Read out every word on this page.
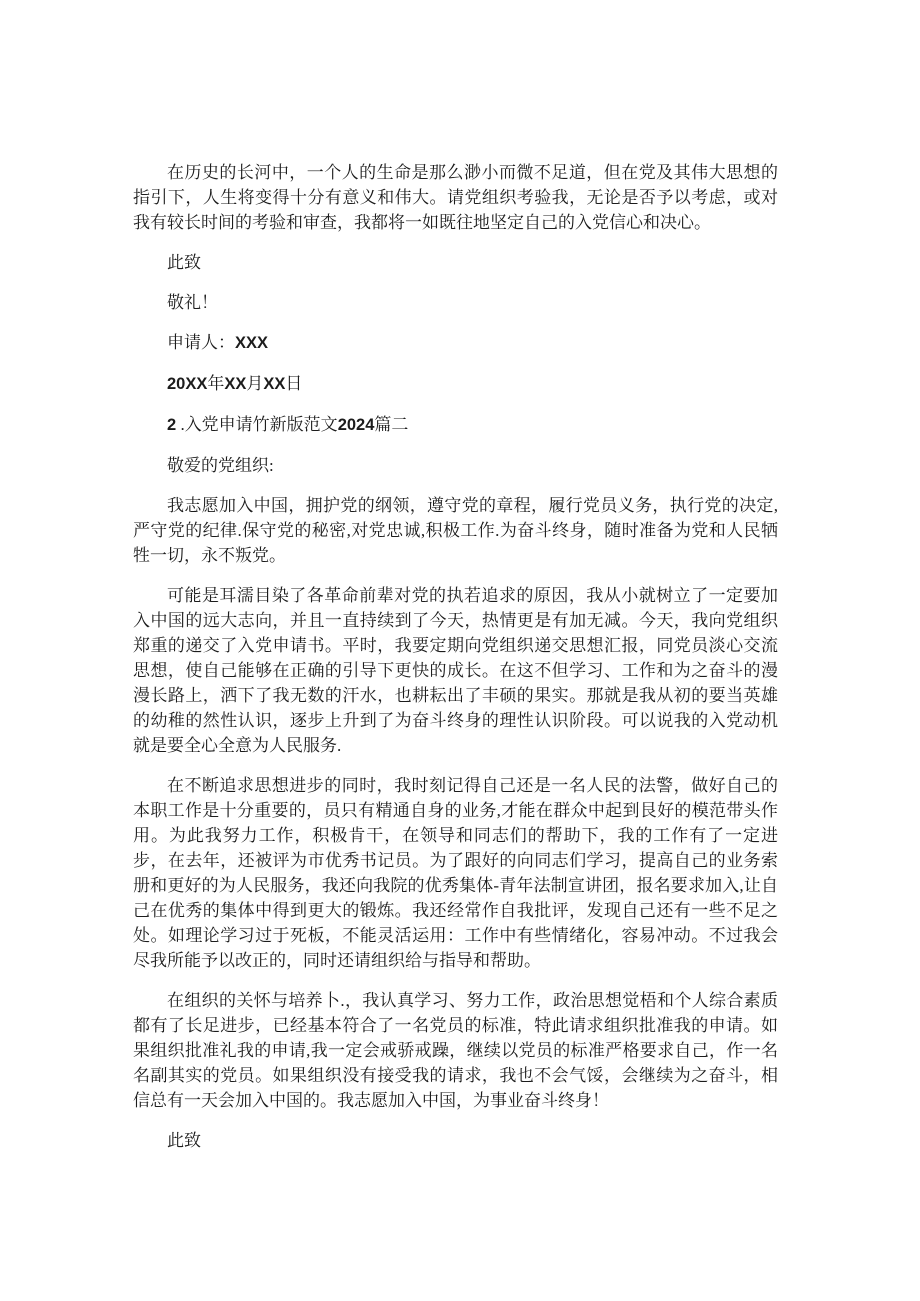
在历史的长河中，一个人的生命是那么渺小而微不足道，但在党及其伟大思想的指引下，人生将变得十分有意义和伟大。请党组织考验我，无论是否予以考虑，或对我有较长时间的考验和审查，我都将一如既往地坚定自己的入党信心和决心。

此致

敬礼！

申请人：XXX

20XX年XX月XX日

2 .入党申请竹新版范文2024篇二

敬爱的党组织:

我志愿加入中国，拥护党的纲领，遵守党的章程，履行党员义务，执行党的决定,严守党的纪律.保守党的秘密,对党忠诚,积极工作.为奋斗终身，随时准备为党和人民牺牲一切，永不叛党。

可能是耳濡目染了各革命前辈对党的执若追求的原因，我从小就树立了一定要加入中国的远大志向，并且一直持续到了今天，热情更是有加无减。今天，我向党组织郑重的递交了入党申请书。平时，我要定期向党组织递交思想汇报，同党员淡心交流思想，使自己能够在正确的引导下更快的成长。在这不但学习、工作和为之奋斗的漫漫长路上，洒下了我无数的汗水，也耕耘出了丰硕的果实。那就是我从初的要当英雄的幼稚的然性认识，逐步上升到了为奋斗终身的理性认识阶段。可以说我的入党动机就是要全心全意为人民服务.

在不断追求思想进步的同时，我时刻记得自己还是一名人民的法警，做好自己的本职工作是十分重要的，员只有精通自身的业务,才能在群众中起到艮好的模范带头作用。为此我努力工作，积极肯干，在领导和同志们的帮助下，我的工作有了一定进步，在去年，还被评为市优秀书记员。为了跟好的向同志们学习，提高自己的业务索册和更好的为人民服务，我还向我院的优秀集体-青年法制宣讲团，报名要求加入,让自己在优秀的集体中得到更大的锻炼。我还经常作自我批评，发现自己还有一些不足之处。如理论学习过于死板，不能灵活运用：工作中有些情绪化，容易冲动。不过我会尽我所能予以改正的，同时还请组织给与指导和帮助。

在组织的关怀与培养卜.，我认真学习、努力工作，政治思想觉梧和个人综合素质都有了长足进步，已经基本符合了一名党员的标准，特此请求组织批准我的申请。如果组织批准礼我的申请,我一定会戒骄戒躁，继续以党员的标准严格要求自己，作一名名副其实的党员。如果组织没有接受我的请求，我也不会气馁，会继续为之奋斗，相信总有一天会加入中国的。我志愿加入中国，为事业奋斗终身！

此致
